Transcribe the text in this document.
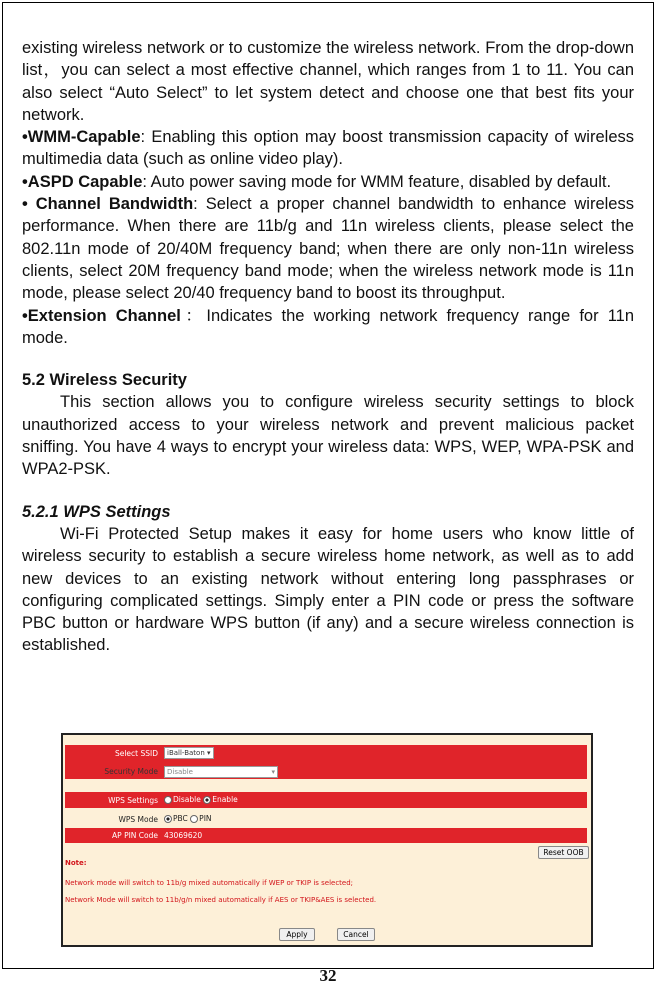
existing wireless network or to customize the wireless network. From the drop-down list，you can select a most effective channel, which ranges from 1 to 11. You can also select “Auto Select” to let system detect and choose one that best fits your network.

• WMM-Capable: Enabling this option may boost transmission capacity of wireless multimedia data (such as online video play).

• ASPD Capable: Auto power saving mode for WMM feature, disabled by default.

• Channel Bandwidth: Select a proper channel bandwidth to enhance wireless performance. When there are 11b/g and 11n wireless clients, please select the 802.11n mode of 20/40M frequency band; when there are only non-11n wireless clients, select 20M frequency band mode; when the wireless network mode is 11n mode, please select 20/40 frequency band to boost its throughput.

• Extension Channel：Indicates the working network frequency range for 11n mode.

5.2 Wireless Security

This section allows you to configure wireless security settings to block unauthorized access to your wireless network and prevent malicious packet sniffing. You have 4 ways to encrypt your wireless data: WPS, WEP, WPA-PSK and WPA2-PSK.

5.2.1 WPS Settings

Wi-Fi Protected Setup makes it easy for home users who know little of wireless security to establish a secure wireless home network, as well as to add new devices to an existing network without entering long passphrases or configuring complicated settings. Simply enter a PIN code or press the software PBC button or hardware WPS button (if any) and a secure wireless connection is established.

Select SSID	iBall-Baton ▾
Security Mode	Disable	▾
WPS Settings	Disable Enable
WPS Mode	PBC PIN
AP PIN Code 43069620
Reset OOB
Note:
Network mode will switch to 11b/g mixed automatically if WEP or TKIP is selected;
Network Mode will switch to 11b/g/n mixed automatically if AES or TKIP&AES is selected.
Apply	Cancel
32
